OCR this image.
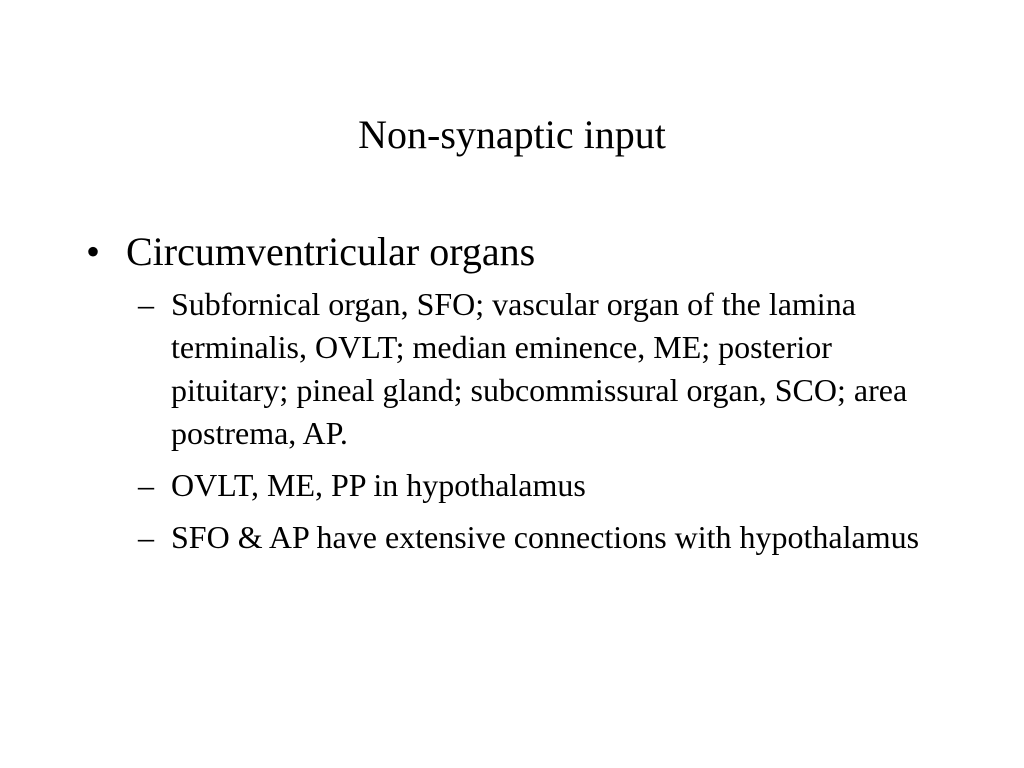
Non-synaptic input
• Circumventricular organs
– Subfornical organ, SFO; vascular organ of the lamina terminalis, OVLT; median eminence, ME; posterior pituitary; pineal gland; subcommissural organ, SCO; area postrema, AP.
– OVLT, ME, PP in hypothalamus
– SFO & AP have extensive connections with hypothalamus
